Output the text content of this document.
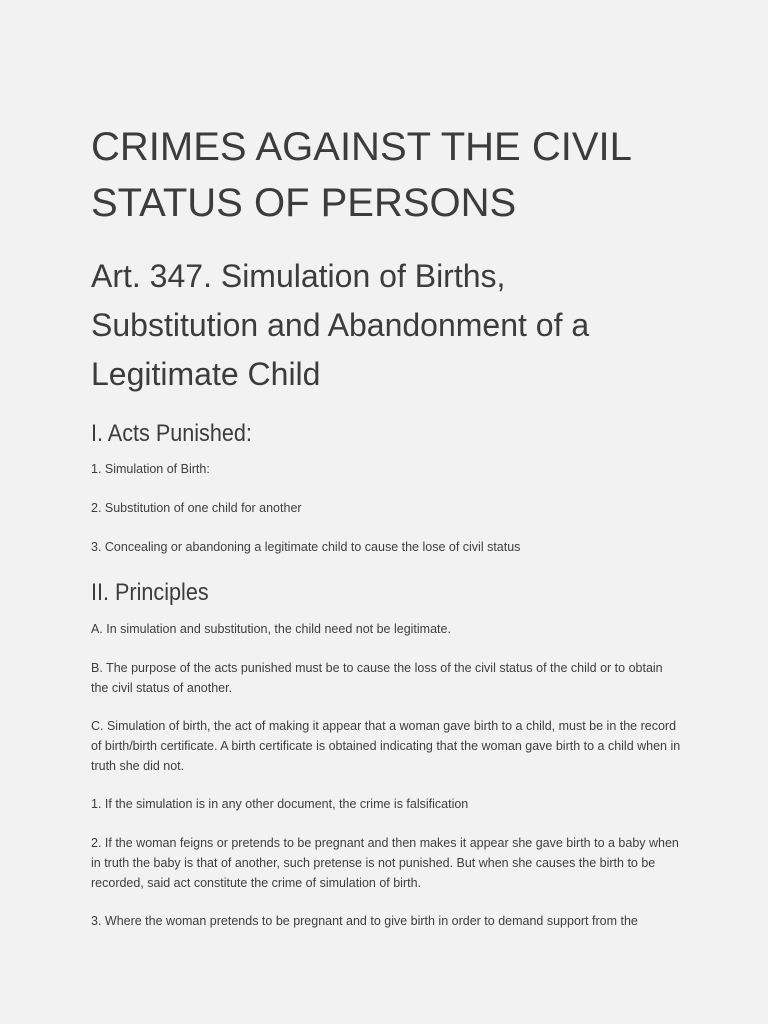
CRIMES AGAINST THE CIVIL STATUS OF PERSONS
Art. 347. Simulation of Births, Substitution and Abandonment of a Legitimate Child
I. Acts Punished:

1. Simulation of Birth:

2. Substitution of one child for another

3. Concealing or abandoning a legitimate child to cause the lose of civil status

II. Principles

A. In simulation and substitution, the child need not be legitimate.

B. The purpose of the acts punished must be to cause the loss of the civil status of the child or to obtain the civil status of another.

C. Simulation of birth, the act of making it appear that a woman gave birth to a child, must be in the record of birth/birth certificate. A birth certificate is obtained indicating that the woman gave birth to a child when in truth she did not.

1. If the simulation is in any other document, the crime is falsification

2. If the woman feigns or pretends to be pregnant and then makes it appear she gave birth to a baby when in truth the baby is that of another, such pretense is not punished. But when she causes the birth to be recorded, said act constitute the crime of simulation of birth.

3. Where the woman pretends to be pregnant and to give birth in order to demand support from the
